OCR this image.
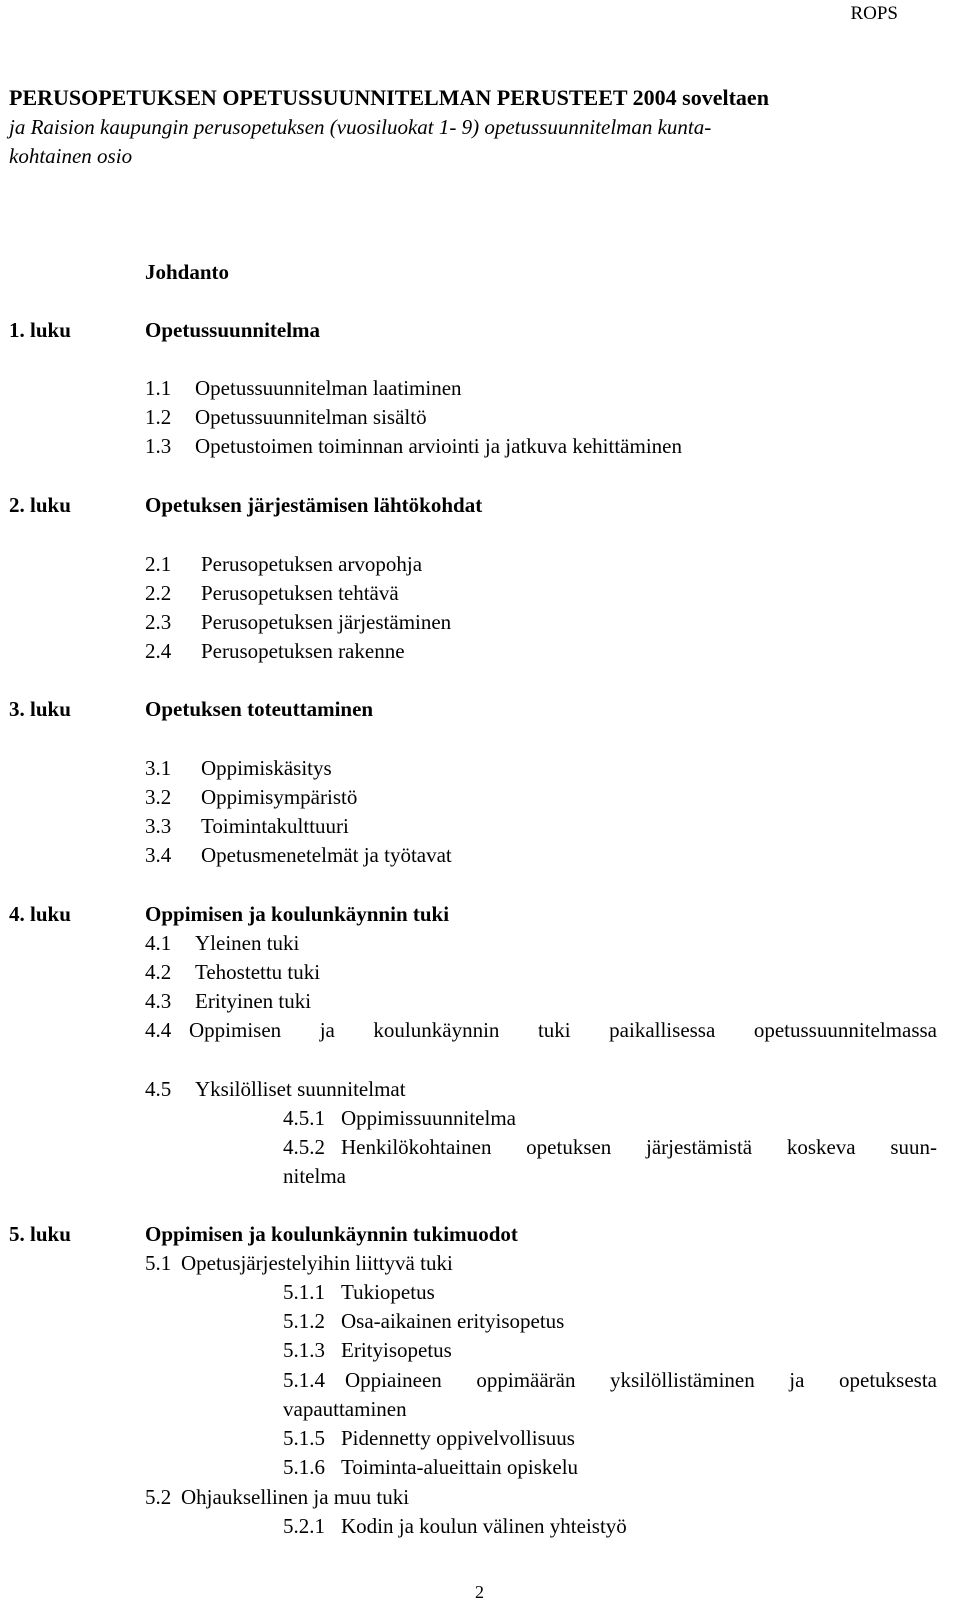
ROPS
PERUSOPETUKSEN OPETUSSUUNNITELMAN PERUSTEET 2004 soveltaen
ja Raision kaupungin perusopetuksen (vuosiluokat 1- 9) opetussuunnitelman kunta-
kohtainen osio
Johdanto
1. luku	Opetussuunnitelma
1.1 Opetussuunnitelman laatiminen
1.2 Opetussuunnitelman sisältö
1.3 Opetustoimen toiminnan arviointi ja jatkuva kehittäminen
2. luku	Opetuksen järjestämisen lähtökohdat
2.1 Perusopetuksen arvopohja
2.2 Perusopetuksen tehtävä
2.3 Perusopetuksen järjestäminen
2.4 Perusopetuksen rakenne
3. luku	Opetuksen toteuttaminen
3.1 Oppimiskäsitys
3.2 Oppimisympäristö
3.3 Toimintakulttuuri
3.4 Opetusmenetelmät ja työtavat
4. luku	Oppimisen ja koulunkäynnin tuki
4.1 Yleinen tuki
4.2 Tehostettu tuki
4.3 Erityinen tuki
4.4 Oppimisen ja koulunkäynnin tuki paikallisessa opetussuunnitelmassa
4.5 Yksilölliset suunnitelmat
4.5.1 Oppimissuunnitelma
4.5.2 Henkilökohtainen opetuksen järjestämistä koskeva suun-
nitelma
5. luku	Oppimisen ja koulunkäynnin tukimuodot
5.1 Opetusjärjestelyihin liittyvä tuki
5.1.1 Tukiopetus
5.1.2 Osa-aikainen erityisopetus
5.1.3 Erityisopetus
5.1.4 Oppiaineen oppimäärän yksilöllistäminen ja opetuksesta
vapauttaminen
5.1.5 Pidennetty oppivelvollisuus
5.1.6 Toiminta-alueittain opiskelu
5.2 Ohjauksellinen ja muu tuki
5.2.1 Kodin ja koulun välinen yhteistyö
2
